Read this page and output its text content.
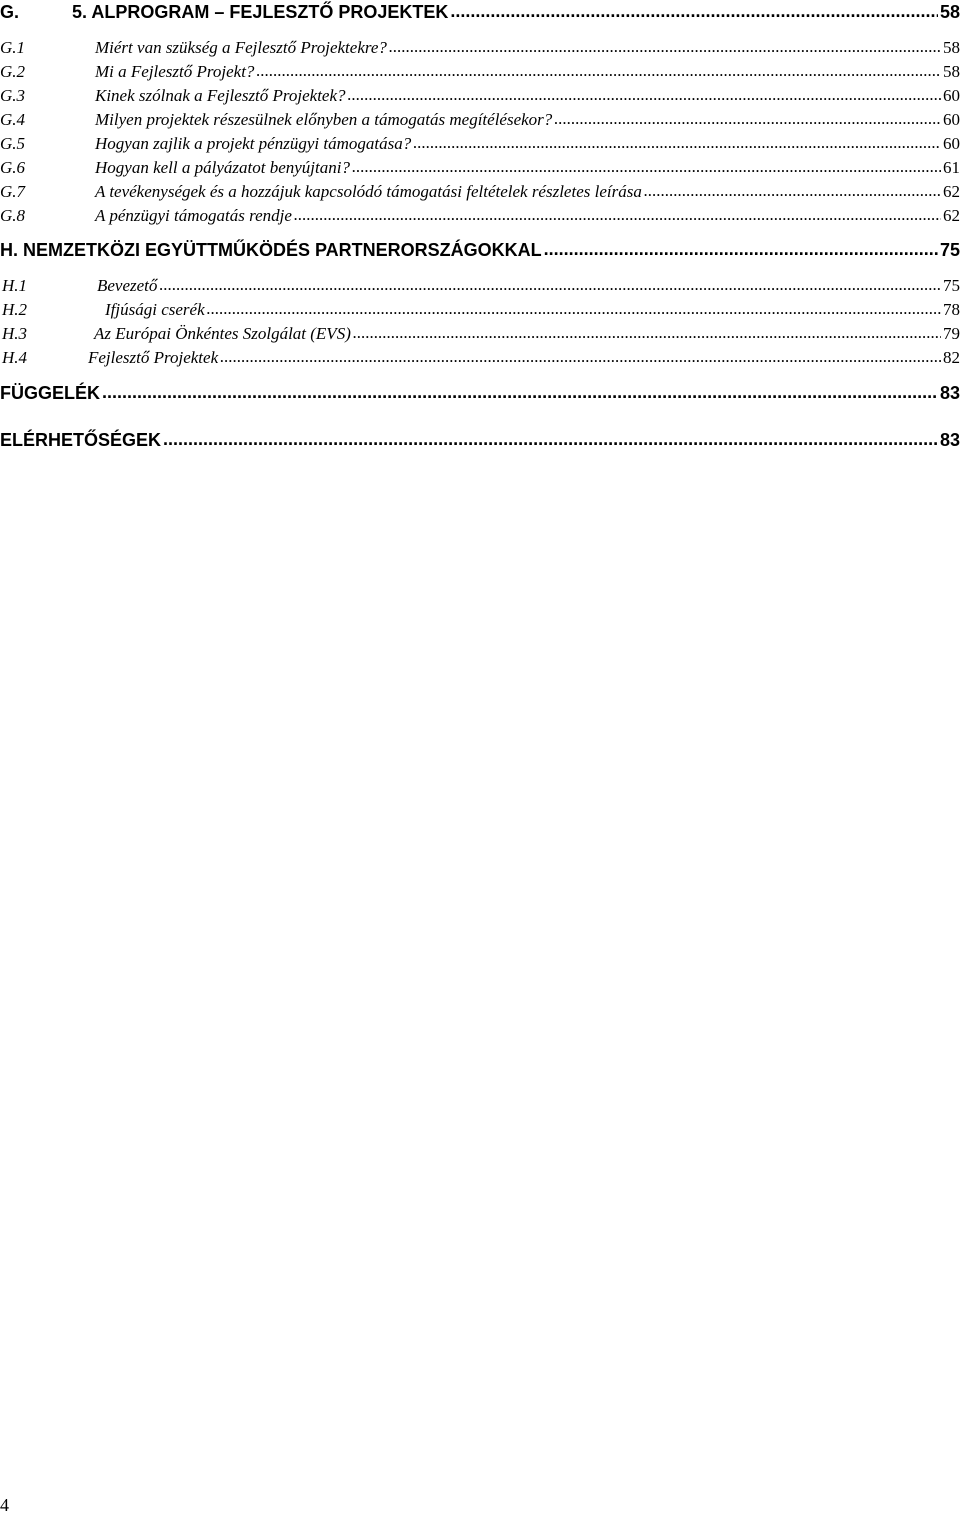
G.	5. ALPROGRAM – FEJLESZTŐ PROJEKTEK .....	58
G.1	Miért van szükség a Fejlesztő Projektekre? .....	58
G.2	Mi a Fejlesztő Projekt? .....	58
G.3	Kinek szólnak a Fejlesztő Projektek? .....	60
G.4	Milyen projektek részesülnek előnyben a támogatás megítélésekor? .....	60
G.5	Hogyan zajlik a projekt pénzügyi támogatása? .....	60
G.6	Hogyan kell a pályázatot benyújtani? .....	61
G.7	A tevékenységek és a hozzájuk kapcsolódó támogatási feltételek részletes leírása .....	62
G.8	A pénzügyi támogatás rendje .....	62
H. NEMZETKÖZI EGYÜTTMŰKÖDÉS PARTNERORSZÁGOKKAL .....	75
H.1	Bevezető .....	75
H.2	Ifjúsági cserék .....	78
H.3	Az Európai Önkéntes Szolgálat (EVS) .....	79
H.4	Fejlesztő Projektek .....	82
FÜGGELÉK .....	83
ELÉRHETŐSÉGEK .....	83
4
